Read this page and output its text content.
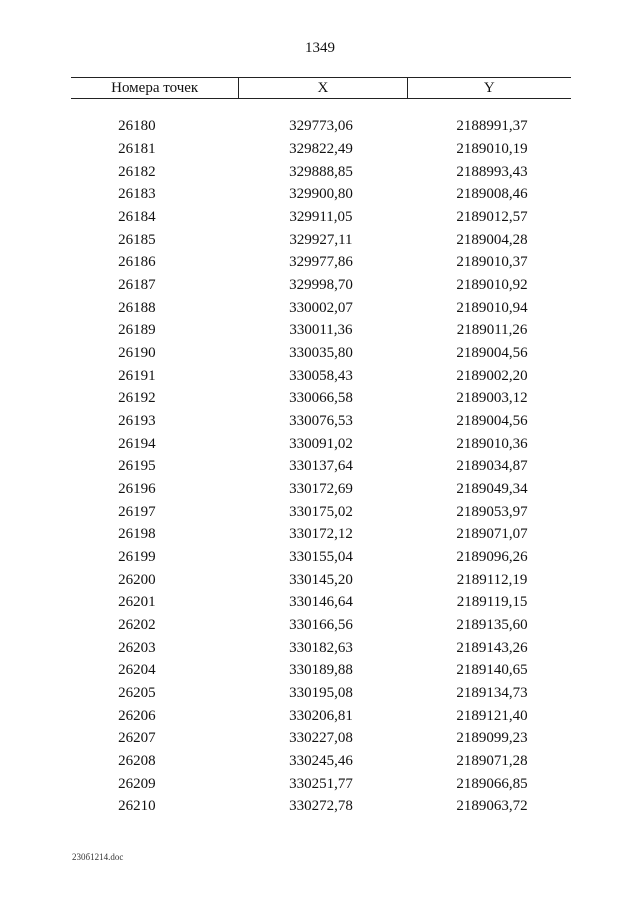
1349
Номера точек	X	Y

26180	329773,06	2188991,37
26181	329822,49	2189010,19
26182	329888,85	2188993,43
26183	329900,80	2189008,46
26184	329911,05	2189012,57
26185	329927,11	2189004,28
26186	329977,86	2189010,37
26187	329998,70	2189010,92
26188	330002,07	2189010,94
26189	330011,36	2189011,26
26190	330035,80	2189004,56
26191	330058,43	2189002,20
26192	330066,58	2189003,12
26193	330076,53	2189004,56
26194	330091,02	2189010,36
26195	330137,64	2189034,87
26196	330172,69	2189049,34
26197	330175,02	2189053,97
26198	330172,12	2189071,07
26199	330155,04	2189096,26
26200	330145,20	2189112,19
26201	330146,64	2189119,15
26202	330166,56	2189135,60
26203	330182,63	2189143,26
26204	330189,88	2189140,65
26205	330195,08	2189134,73
26206	330206,81	2189121,40
26207	330227,08	2189099,23
26208	330245,46	2189071,28
26209	330251,77	2189066,85
26210	330272,78	2189063,72
230б1214.doc
